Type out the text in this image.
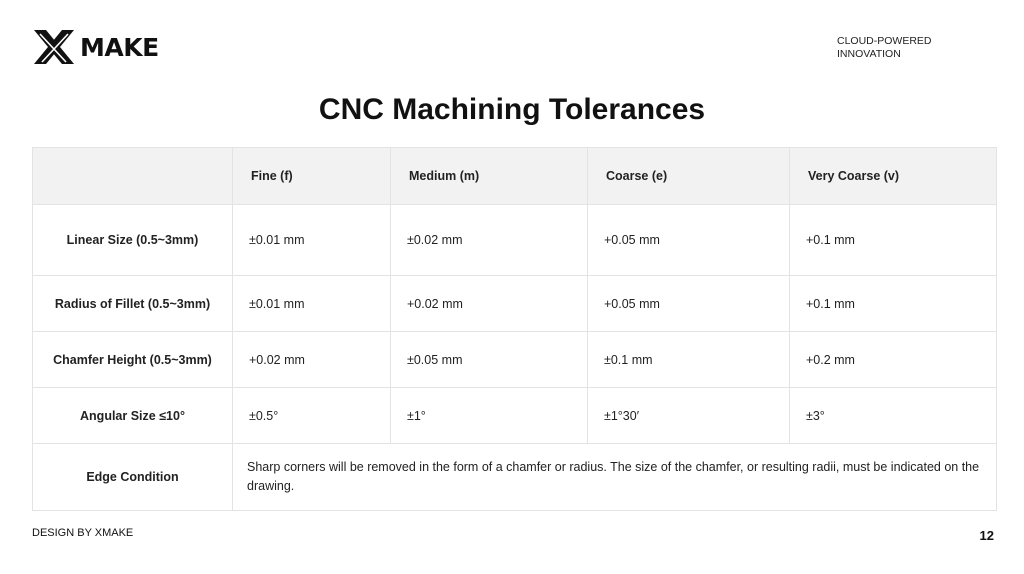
MAKE	CLOUD-POWERED INNOVATION
CNC Machining Tolerances
	Fine (f)	Medium (m)	Coarse (e)	Very Coarse (v)
Linear Size (0.5~3mm)	±0.01 mm	±0.02 mm	+0.05 mm	+0.1 mm
Radius of Fillet (0.5~3mm)	±0.01 mm	+0.02 mm	+0.05 mm	+0.1 mm
Chamfer Height (0.5~3mm)	+0.02 mm	±0.05 mm	±0.1 mm	+0.2 mm
Angular Size ≤10°	±0.5°	±1°	±1°30′	±3°
Edge Condition	Sharp corners will be removed in the form of a chamfer or radius. The size of the chamfer, or resulting radii, must be indicated on the drawing.			
DESIGN BY XMAKE	12
